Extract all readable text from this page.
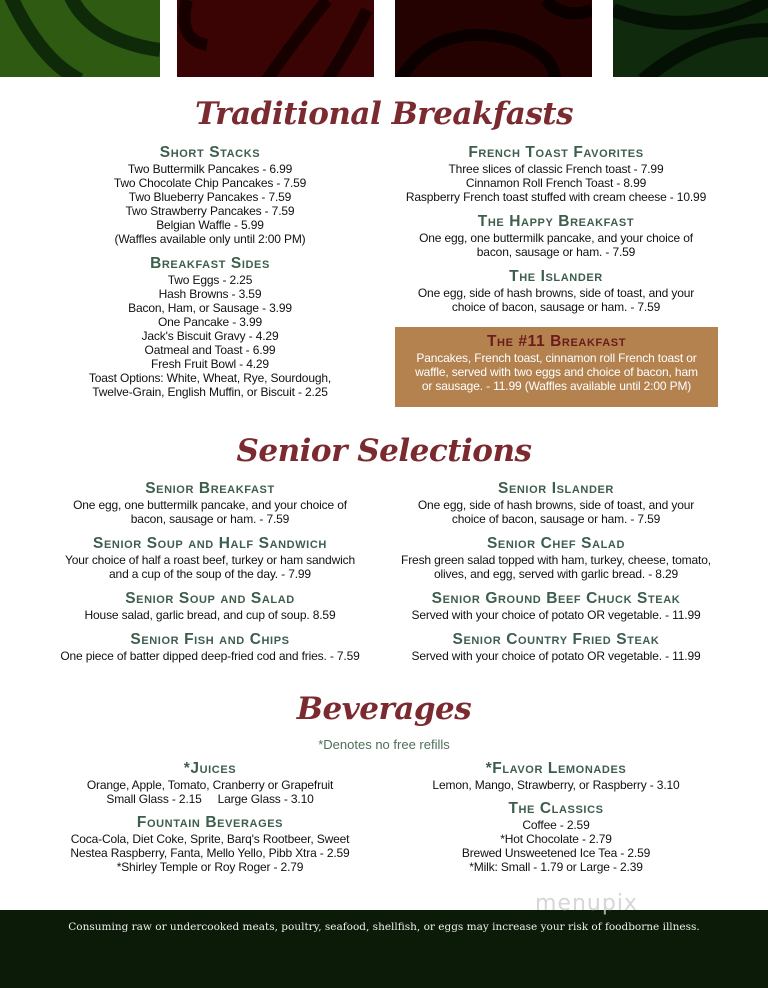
Traditional Breakfasts
Senior Selections
Beverages
*Denotes no free refills
The #11 Breakfast
Pancakes, French toast, cinnamon roll French toast or
waffle, served with two eggs and choice of bacon, ham
or sausage. - 11.99 (Waffles available until 2:00 PM)
Consuming raw or undercooked meats, poultry, seafood, shellfish, or eggs may increase your risk of foodborne illness.
menupix
Short Stacks
Two Buttermilk Pancakes - 6.99
Two Chocolate Chip Pancakes - 7.59
Two Blueberry Pancakes - 7.59
Two Strawberry Pancakes - 7.59
Belgian Waffle - 5.99
(Waffles available only until 2:00 PM)
Breakfast Sides
Two Eggs - 2.25
Hash Browns - 3.59
Bacon, Ham, or Sausage - 3.99
One Pancake - 3.99
Jack's Biscuit Gravy - 4.29
Oatmeal and Toast - 6.99
Fresh Fruit Bowl - 4.29
Toast Options: White, Wheat, Rye, Sourdough,
Twelve-Grain, English Muffin, or Biscuit - 2.25
French Toast Favorites
Three slices of classic French toast - 7.99
Cinnamon Roll French Toast - 8.99
Raspberry French toast stuffed with cream cheese - 10.99
The Happy Breakfast
One egg, one buttermilk pancake, and your choice of
bacon, sausage or ham. - 7.59
The Islander
One egg, side of hash browns, side of toast, and your
choice of bacon, sausage or ham. - 7.59
Senior Breakfast
One egg, one buttermilk pancake, and your choice of
bacon, sausage or ham. - 7.59
Senior Soup and Half Sandwich
Your choice of half a roast beef, turkey or ham sandwich
and a cup of the soup of the day. - 7.99
Senior Soup and Salad
House salad, garlic bread, and cup of soup. 8.59
Senior Fish and Chips
One piece of batter dipped deep-fried cod and fries. - 7.59
Senior Islander
One egg, side of hash browns, side of toast, and your
choice of bacon, sausage or ham. - 7.59
Senior Chef Salad
Fresh green salad topped with ham, turkey, cheese, tomato,
olives, and egg, served with garlic bread. - 8.29
Senior Ground Beef Chuck Steak
Served with your choice of potato OR vegetable. - 11.99
Senior Country Fried Steak
Served with your choice of potato OR vegetable. - 11.99
*Juices
Orange, Apple, Tomato, Cranberry or Grapefruit
Small Glass - 2.15     Large Glass - 3.10
Fountain Beverages
Coca-Cola, Diet Coke, Sprite, Barq's Rootbeer, Sweet
Nestea Raspberry, Fanta, Mello Yello, Pibb Xtra - 2.59
*Shirley Temple or Roy Roger - 2.79
*Flavor Lemonades
Lemon, Mango, Strawberry, or Raspberry - 3.10
The Classics
Coffee - 2.59
*Hot Chocolate - 2.79
Brewed Unsweetened Ice Tea - 2.59
*Milk: Small - 1.79 or Large - 2.39
